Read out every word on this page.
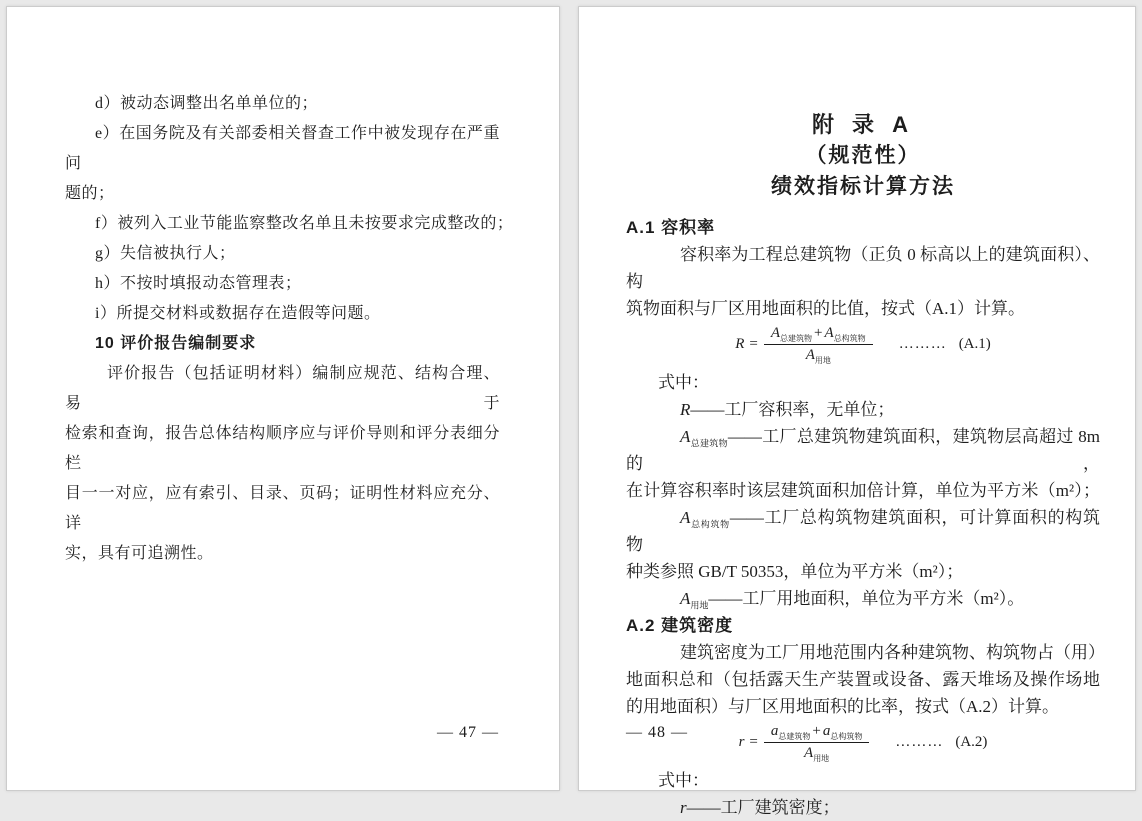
d）被动态调整出名单单位的；
e）在国务院及有关部委相关督查工作中被发现存在严重问
题的；
f）被列入工业节能监察整改名单且未按要求完成整改的；
g）失信被执行人；
h）不按时填报动态管理表；
i）所提交材料或数据存在造假等问题。
10 评价报告编制要求
评价报告（包括证明材料）编制应规范、结构合理、易于
检索和查询，报告总体结构顺序应与评价导则和评分表细分栏
目一一对应，应有索引、目录、页码；证明性材料应充分、详
实，具有可追溯性。
— 47 —
附 录 A
（规范性）
绩效指标计算方法
A.1 容积率
容积率为工程总建筑物（正负 0 标高以上的建筑面积）、构
筑物面积与厂区用地面积的比值，按式（A.1）计算。
$R = \frac{A_{总建筑物} + A_{总构筑物}}{A_{用地}}$ ……… (A.1)
式中：
R——工厂容积率，无单位；
$A_{总建筑物}——$工厂总建筑物建筑面积，建筑物层高超过 8m 的，
在计算容积率时该层建筑面积加倍计算，单位为平方米（m²）；
$A_{总构筑物}——$工厂总构筑物建筑面积，可计算面积的构筑物
种类参照 GB/T 50353，单位为平方米（m²）；
$A_{用地}——$工厂用地面积，单位为平方米（m²）。
A.2 建筑密度
建筑密度为工厂用地范围内各种建筑物、构筑物占（用）
地面积总和（包括露天生产装置或设备、露天堆场及操作场地
的用地面积）与厂区用地面积的比率，按式（A.2）计算。
$r = \frac{a_{总建筑物} + a_{总构筑物}}{A_{用地}}$ ……… (A.2)
式中：
r——工厂建筑密度；
— 48 —
